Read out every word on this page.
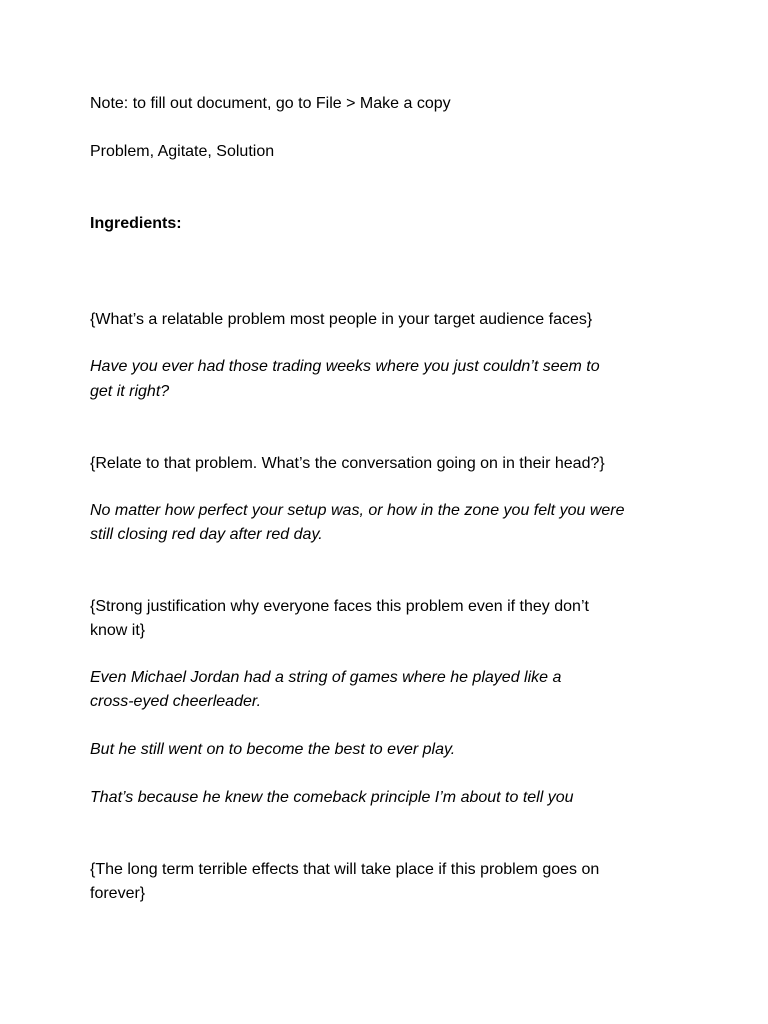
Note: to fill out document, go to File > Make a copy
Problem, Agitate, Solution
Ingredients:
{What’s a relatable problem most people in your target audience faces}
Have you ever had those trading weeks where you just couldn’t seem to
get it right?
{Relate to that problem. What’s the conversation going on in their head?}
No matter how perfect your setup was, or how in the zone you felt you were
still closing red day after red day.
{Strong justification why everyone faces this problem even if they don’t
know it}
Even Michael Jordan had a string of games where he played like a
cross-eyed cheerleader.
But he still went on to become the best to ever play.
That’s because he knew the comeback principle I’m about to tell you
{The long term terrible effects that will take place if this problem goes on
forever}
